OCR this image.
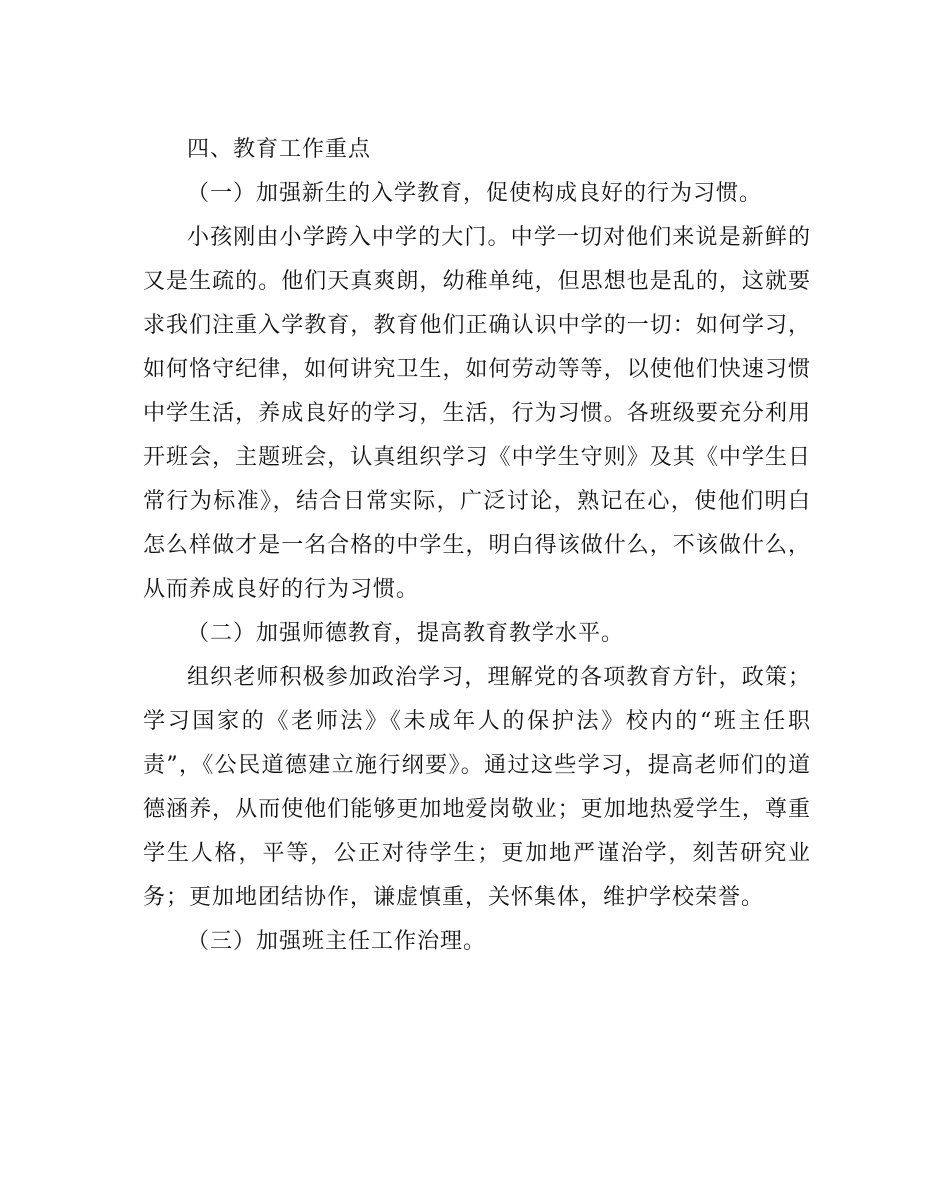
四、教育工作重点

（一）加强新生的入学教育，促使构成良好的行为习惯。

小孩刚由小学跨入中学的大门。中学一切对他们来说是新鲜的又是生疏的。他们天真爽朗，幼稚单纯，但思想也是乱的，这就要求我们注重入学教育，教育他们正确认识中学的一切：如何学习，如何恪守纪律，如何讲究卫生，如何劳动等等，以使他们快速习惯中学生活，养成良好的学习，生活，行为习惯。各班级要充分利用开班会，主题班会，认真组织学习《中学生守则》及其《中学生日常行为标准》，结合日常实际，广泛讨论，熟记在心，使他们明白怎么样做才是一名合格的中学生，明白得该做什么，不该做什么，从而养成良好的行为习惯。

（二）加强师德教育，提高教育教学水平。

组织老师积极参加政治学习，理解党的各项教育方针，政策；学习国家的《老师法》《未成年人的保护法》校内的“班主任职责”，《公民道德建立施行纲要》。通过这些学习，提高老师们的道德涵养，从而使他们能够更加地爱岗敬业；更加地热爱学生，尊重学生人格，平等，公正对待学生；更加地严谨治学，刻苦研究业务；更加地团结协作，谦虚慎重，关怀集体，维护学校荣誉。

（三）加强班主任工作治理。
